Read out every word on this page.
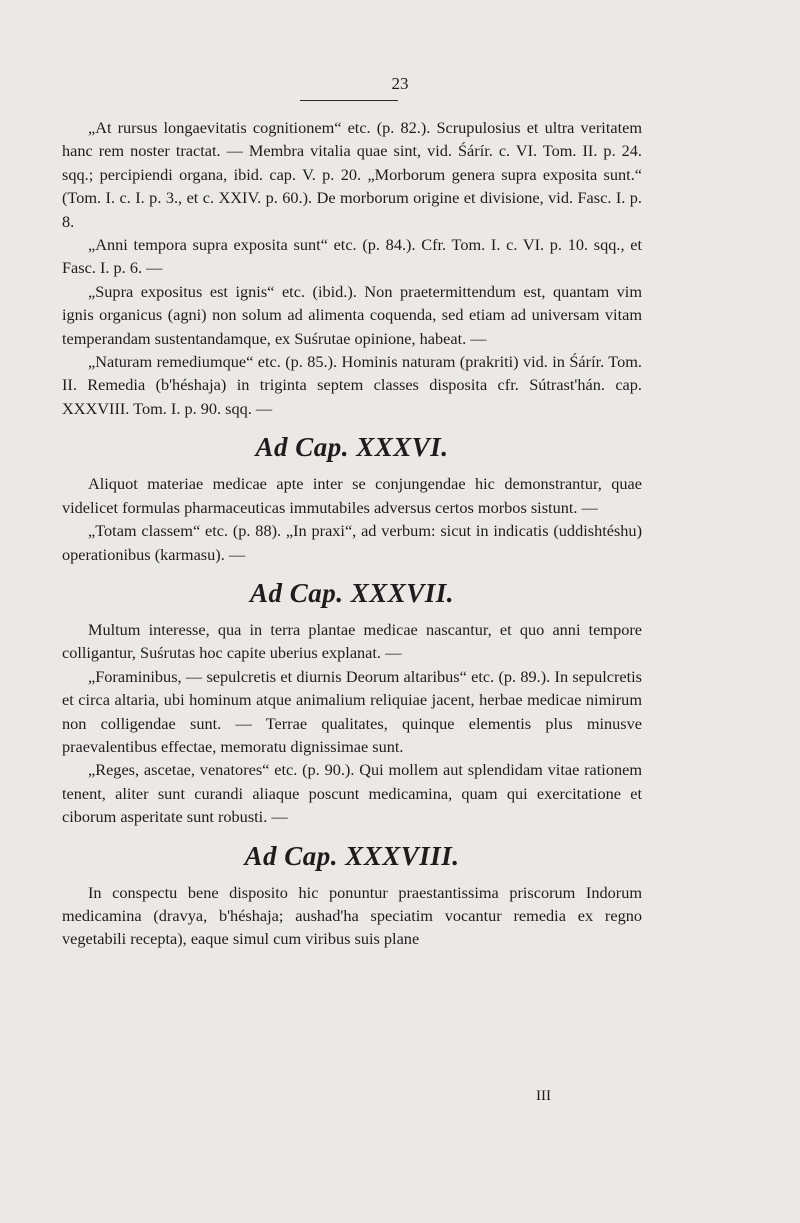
23

„At rursus longaevitatis cognitionem“ etc. (p. 82.). Scrupulosius et ultra veritatem hanc rem noster tractat. — Membra vitalia quae sint, vid. Śárír. c. VI. Tom. II. p. 24. sqq.; percipiendi organa, ibid. cap. V. p. 20. „Morborum genera supra exposita sunt.“ (Tom. I. c. I. p. 3., et c. XXIV. p. 60.). De morborum origine et divisione, vid. Fasc. I. p. 8.

„Anni tempora supra exposita sunt“ etc. (p. 84.). Cfr. Tom. I. c. VI. p. 10. sqq., et Fasc. I. p. 6. —

„Supra expositus est ignis“ etc. (ibid.). Non praetermittendum est, quantam vim ignis organicus (agni) non solum ad alimenta coquenda, sed etiam ad universam vitam temperandam sustentandamque, ex Suśrutae opinione, habeat. —

„Naturam remediumque“ etc. (p. 85.). Hominis naturam (prakriti) vid. in Śárír. Tom. II. Remedia (b'héshaja) in triginta septem classes disposita cfr. Sútrast'hán. cap. XXXVIII. Tom. I. p. 90. sqq. —

Ad Cap. XXXVI.

Aliquot materiae medicae apte inter se conjungendae hic demonstrantur, quae videlicet formulas pharmaceuticas immutabiles adversus certos morbos sistunt. —

„Totam classem“ etc. (p. 88). „In praxi“, ad verbum: sicut in indicatis (uddishtéshu) operationibus (karmasu). —

Ad Cap. XXXVII.

Multum interesse, qua in terra plantae medicae nascantur, et quo anni tempore colligantur, Suśrutas hoc capite uberius explanat. —

„Foraminibus, — sepulcretis et diurnis Deorum altaribus“ etc. (p. 89.). In sepulcretis et circa altaria, ubi hominum atque animalium reliquiae jacent, herbae medicae nimirum non colligendae sunt. — Terrae qualitates, quinque elementis plus minusve praevalentibus effectae, memoratu dignissimae sunt.

„Reges, ascetae, venatores“ etc. (p. 90.). Qui mollem aut splendidam vitae rationem tenent, aliter sunt curandi aliaque poscunt medicamina, quam qui exercitatione et ciborum asperitate sunt robusti. —

Ad Cap. XXXVIII.

In conspectu bene disposito hic ponuntur praestantissima priscorum Indorum medicamina (dravya, b'héshaja; aushad'ha speciatim vocantur remedia ex regno vegetabili recepta), eaque simul cum viribus suis plane

III
